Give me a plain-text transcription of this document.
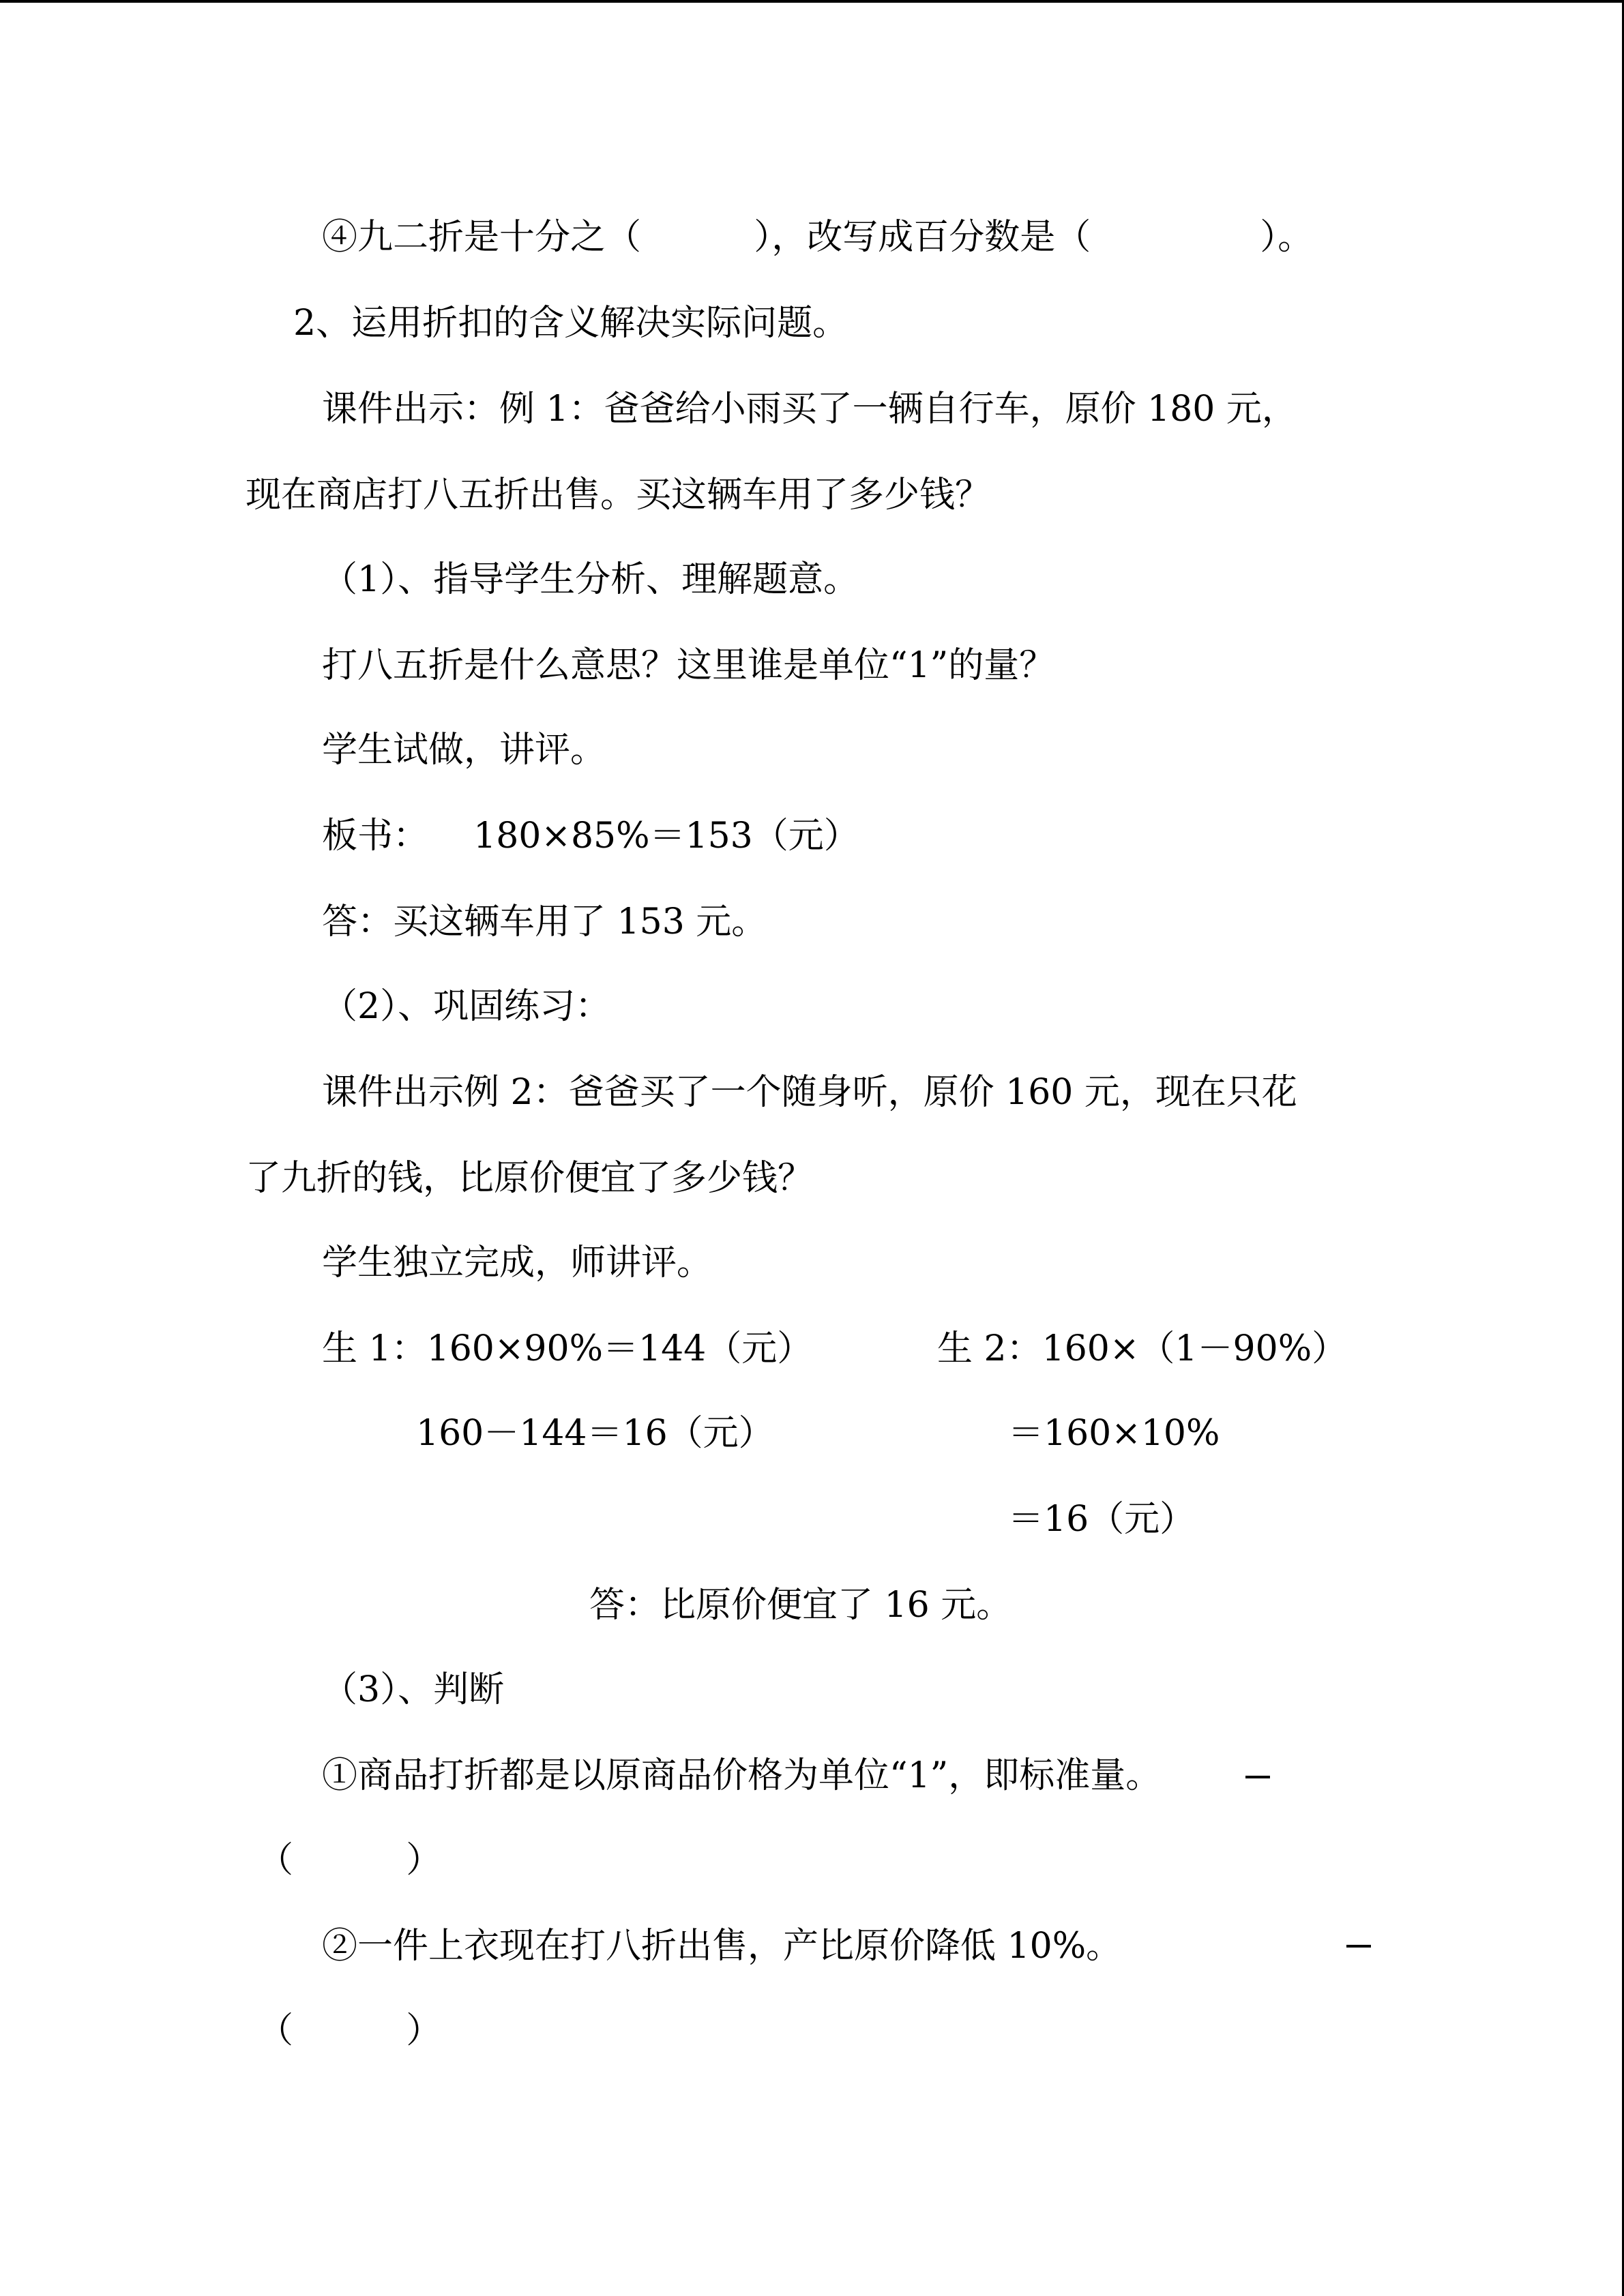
④九二折是十分之（          ），改写成百分数是（               ）。
2、运用折扣的含义解决实际问题。
课件出示：例 1：爸爸给小雨买了一辆自行车，原价 180 元，
现在商店打八五折出售。买这辆车用了多少钱？
（1）、指导学生分析、理解题意。
打八五折是什么意思？这里谁是单位“1”的量？
学生试做，讲评。
板书：    180×85%＝153（元）
答：买这辆车用了 153 元。
（2）、巩固练习：
课件出示例 2：爸爸买了一个随身听，原价 160 元，现在只花
了九折的钱，比原价便宜了多少钱？
学生独立完成，师讲评。
生 1：160×90%＝144（元）	生 2：160×（1－90%）
160－144＝16（元）	＝160×10%
＝16（元）
答：比原价便宜了 16 元。
（3）、判断
①商品打折都是以原商品价格为单位“1”，即标准量。
（          ）
②一件上衣现在打八折出售，产比原价降低 10%。
（          ）
